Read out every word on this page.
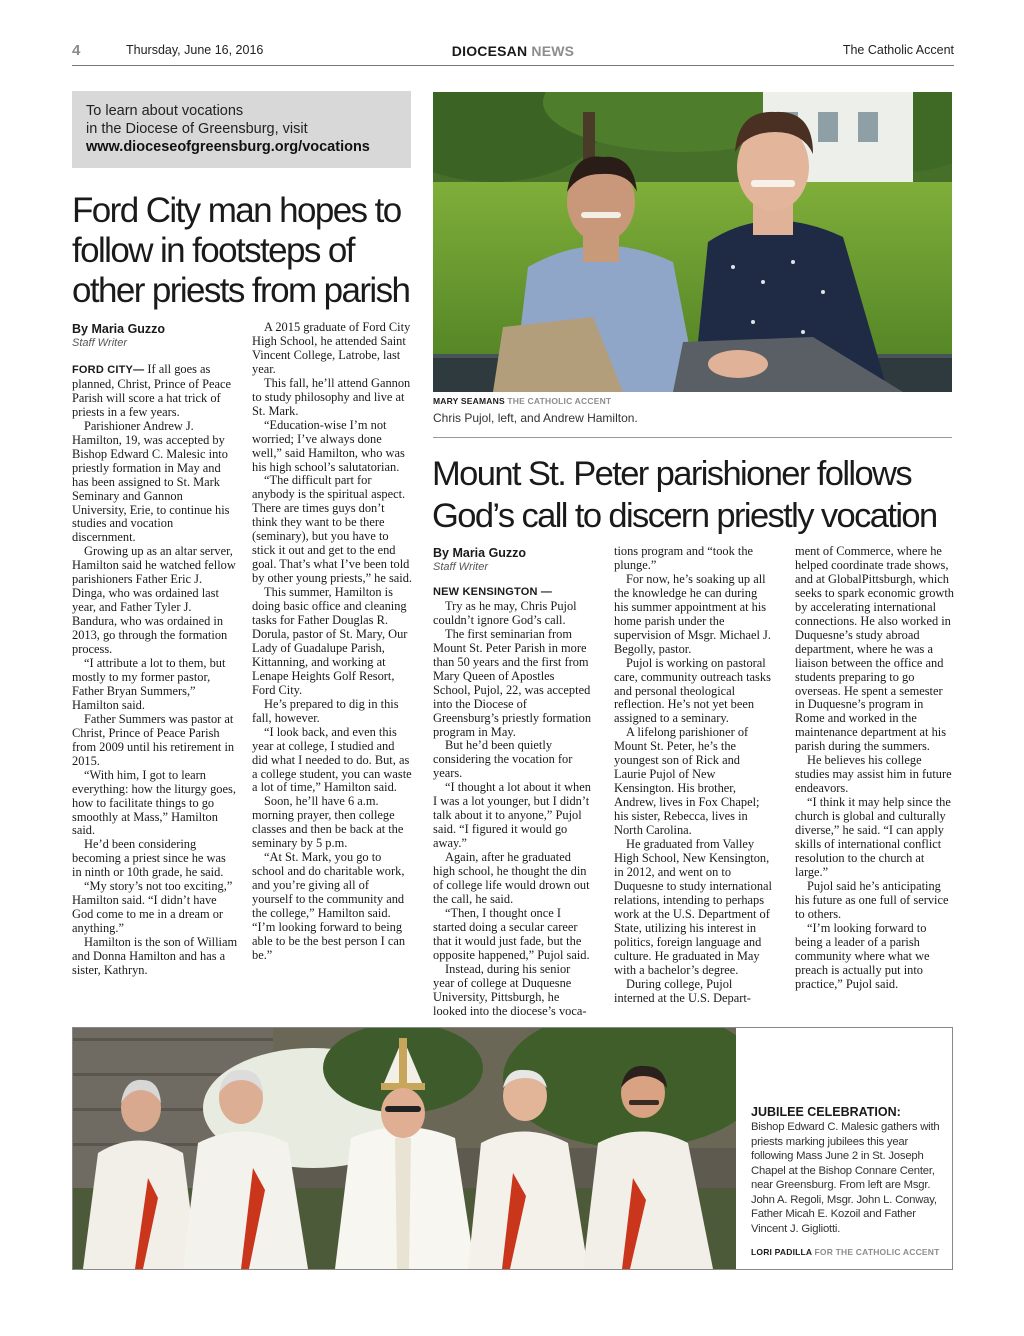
4	Thursday, June 16, 2016	DIOCESAN NEWS	The Catholic Accent
To learn about vocations
in the Diocese of Greensburg, visit
www.dioceseofgreensburg.org/vocations
Ford City man hopes to follow in footsteps of other priests from parish
By Maria Guzzo
Staff Writer

FORD CITY— If all goes as planned, Christ, Prince of Peace Parish will score a hat trick of priests in a few years.

Parishioner Andrew J. Hamilton, 19, was accepted by Bishop Edward C. Malesic into priestly formation in May and has been assigned to St. Mark Seminary and Gannon University, Erie, to continue his studies and vocation discernment.

Growing up as an altar server, Hamilton said he watched fellow parishioners Father Eric J. Dinga, who was ordained last year, and Father Tyler J. Bandura, who was ordained in 2013, go through the formation process.

“I attribute a lot to them, but mostly to my former pastor, Father Bryan Summers,” Hamilton said.

Father Summers was pastor at Christ, Prince of Peace Parish from 2009 until his retirement in 2015.

“With him, I got to learn everything: how the liturgy goes, how to facilitate things to go smoothly at Mass,” Hamilton said.

He’d been considering becoming a priest since he was in ninth or 10th grade, he said.

“My story’s not too exciting,” Hamilton said. “I didn’t have God come to me in a dream or anything.”

Hamilton is the son of William and Donna Hamilton and has a sister, Kathryn.

A 2015 graduate of Ford City High School, he attended Saint Vincent College, Latrobe, last year.

This fall, he’ll attend Gannon to study philosophy and live at St. Mark.

“Education-wise I’m not worried; I’ve always done well,” said Hamilton, who was his high school’s salutatorian.

“The difficult part for anybody is the spiritual aspect. There are times guys don’t think they want to be there (seminary), but you have to stick it out and get to the end goal. That’s what I’ve been told by other young priests,” he said.

This summer, Hamilton is doing basic office and cleaning tasks for Father Douglas R. Dorula, pastor of St. Mary, Our Lady of Guadalupe Parish, Kittanning, and working at Lenape Heights Golf Resort, Ford City.

He’s prepared to dig in this fall, however.

“I look back, and even this year at college, I studied and did what I needed to do. But, as a college student, you can waste a lot of time,” Hamilton said.

Soon, he’ll have 6 a.m. morning prayer, then college classes and then be back at the seminary by 5 p.m.

“At St. Mark, you go to school and do charitable work, and you’re giving all of yourself to the community and the college,” Hamilton said. “I’m looking forward to being able to be the best person I can be.”

MARY SEAMANS THE CATHOLIC ACCENT
Chris Pujol, left, and Andrew Hamilton.
Mount St. Peter parishioner follows God’s call to discern priestly vocation
By Maria Guzzo
Staff Writer

NEW KENSINGTON —

Try as he may, Chris Pujol couldn’t ignore God’s call.

The first seminarian from Mount St. Peter Parish in more than 50 years and the first from Mary Queen of Apostles School, Pujol, 22, was accepted into the Diocese of Greensburg’s priestly formation program in May.

But he’d been quietly considering the vocation for years.

“I thought a lot about it when I was a lot younger, but I didn’t talk about it to anyone,” Pujol said. “I figured it would go away.”

Again, after he graduated high school, he thought the din of college life would drown out the call, he said.

“Then, I thought once I started doing a secular career that it would just fade, but the opposite happened,” Pujol said.

Instead, during his senior year of college at Duquesne University, Pittsburgh, he looked into the diocese’s voca-

tions program and “took the plunge.”

For now, he’s soaking up all the knowledge he can during his summer appointment at his home parish under the supervision of Msgr. Michael J. Begolly, pastor.

Pujol is working on pastoral care, community outreach tasks and personal theological reflection. He’s not yet been assigned to a seminary.

A lifelong parishioner of Mount St. Peter, he’s the youngest son of Rick and Laurie Pujol of New Kensington. His brother, Andrew, lives in Fox Chapel; his sister, Rebecca, lives in North Carolina.

He graduated from Valley High School, New Kensington, in 2012, and went on to Duquesne to study international relations, intending to perhaps work at the U.S. Department of State, utilizing his interest in politics, foreign language and culture. He graduated in May with a bachelor’s degree.

During college, Pujol interned at the U.S. Depart-

ment of Commerce, where he helped coordinate trade shows, and at GlobalPittsburgh, which seeks to spark economic growth by accelerating international connections. He also worked in Duquesne’s study abroad department, where he was a liaison between the office and students preparing to go overseas. He spent a semester in Duquesne’s program in Rome and worked in the maintenance department at his parish during the summers.

He believes his college studies may assist him in future endeavors.

“I think it may help since the church is global and culturally diverse,” he said. “I can apply skills of international conflict resolution to the church at large.”

Pujol said he’s anticipating his future as one full of service to others.

“I’m looking forward to being a leader of a parish community where what we preach is actually put into practice,” Pujol said.

JUBILEE CELEBRATION:
Bishop Edward C. Malesic gathers with priests marking jubilees this year following Mass June 2 in St. Joseph Chapel at the Bishop Connare Center, near Greensburg. From left are Msgr. John A. Regoli, Msgr. John L. Conway, Father Micah E. Kozoil and Father Vincent J. Gigliotti.
LORI PADILLA FOR THE CATHOLIC ACCENT
